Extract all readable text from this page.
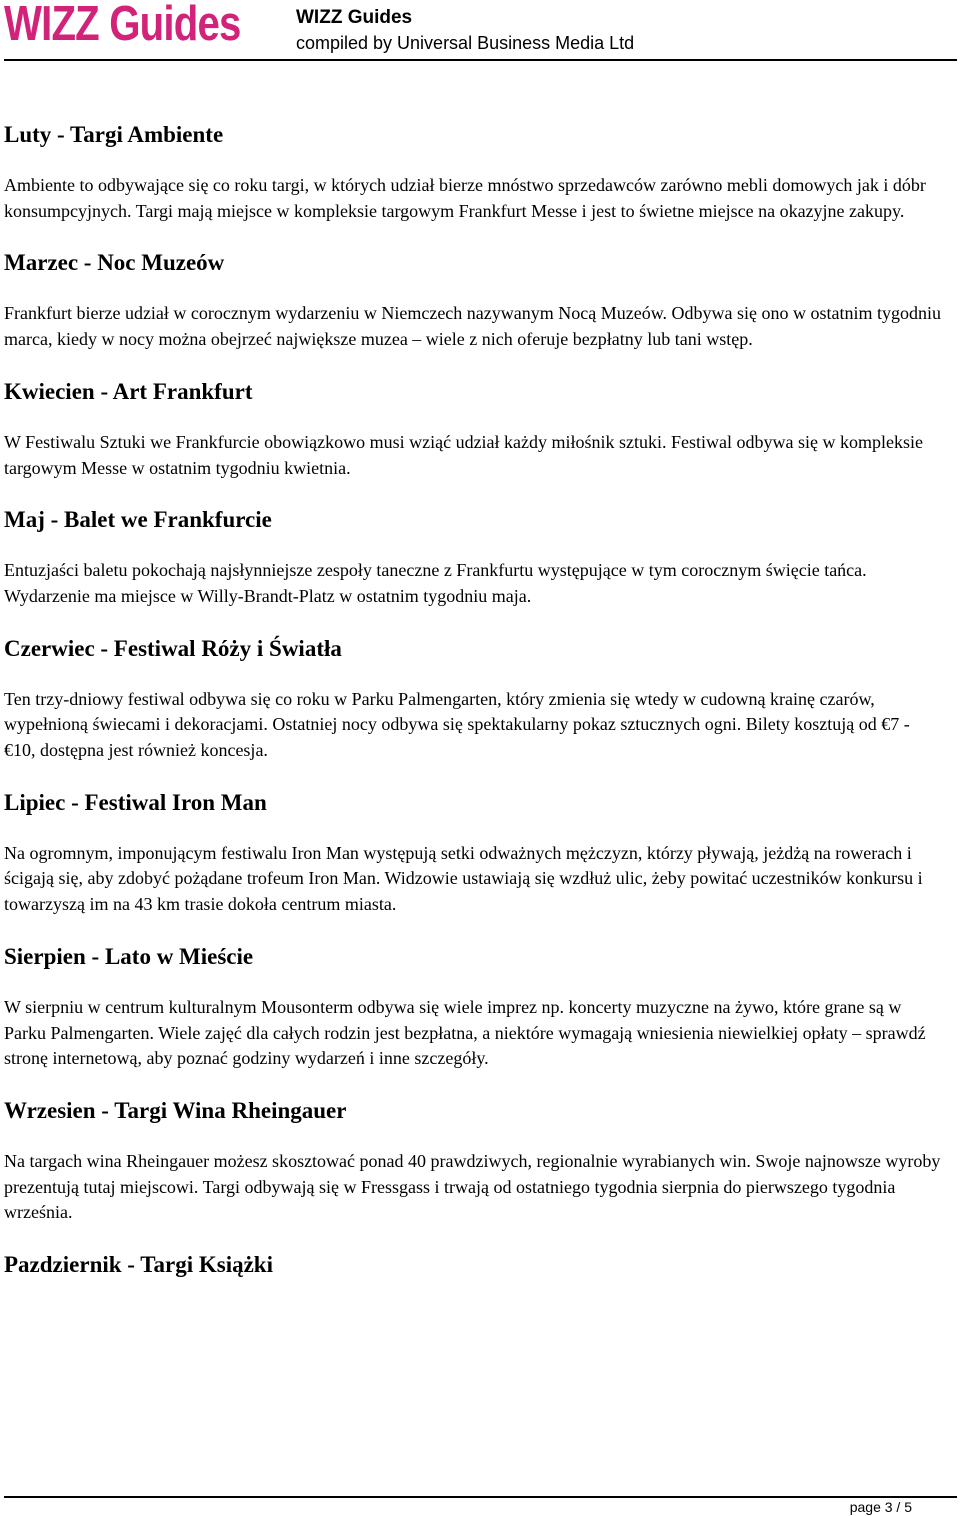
WIZZ Guides	WIZZ Guides
compiled by Universal Business Media Ltd
Luty - Targi Ambiente

Ambiente to odbywające się co roku targi, w których udział bierze mnóstwo sprzedawców zarówno mebli domowych jak i dóbr konsumpcyjnych. Targi mają miejsce w kompleksie targowym Frankfurt Messe i jest to świetne miejsce na okazyjne zakupy.

Marzec - Noc Muzeów

Frankfurt bierze udział w corocznym wydarzeniu w Niemczech nazywanym Nocą Muzeów. Odbywa się ono w ostatnim tygodniu marca, kiedy w nocy można obejrzeć największe muzea – wiele z nich oferuje bezpłatny lub tani wstęp.

Kwiecien - Art Frankfurt

W Festiwalu Sztuki we Frankfurcie obowiązkowo musi wziąć udział każdy miłośnik sztuki. Festiwal odbywa się w kompleksie targowym Messe w ostatnim tygodniu kwietnia.

Maj - Balet we Frankfurcie

Entuzjaści baletu pokochają najsłynniejsze zespoły taneczne z Frankfurtu występujące w tym corocznym święcie tańca. Wydarzenie ma miejsce w Willy-Brandt-Platz w ostatnim tygodniu maja.

Czerwiec - Festiwal Róży i Światła

Ten trzy-dniowy festiwal odbywa się co roku w Parku Palmengarten, który zmienia się wtedy w cudowną krainę czarów, wypełnioną świecami i dekoracjami. Ostatniej nocy odbywa się spektakularny pokaz sztucznych ogni. Bilety kosztują od €7 - €10, dostępna jest również koncesja.

Lipiec - Festiwal Iron Man

Na ogromnym, imponującym festiwalu Iron Man występują setki odważnych mężczyzn, którzy pływają, jeżdżą na rowerach i ścigają się, aby zdobyć pożądane trofeum Iron Man. Widzowie ustawiają się wzdłuż ulic, żeby powitać uczestników konkursu i towarzyszą im na 43 km trasie dokoła centrum miasta.

Sierpien - Lato w Mieście

W sierpniu w centrum kulturalnym Mousonterm odbywa się wiele imprez np. koncerty muzyczne na żywo, które grane są w Parku Palmengarten. Wiele zajęć dla całych rodzin jest bezpłatna, a niektóre wymagają wniesienia niewielkiej opłaty – sprawdź stronę internetową, aby poznać godziny wydarzeń i inne szczegóły.

Wrzesien - Targi Wina Rheingauer

Na targach wina Rheingauer możesz skosztować ponad 40 prawdziwych, regionalnie wyrabianych win. Swoje najnowsze wyroby prezentują tutaj miejscowi. Targi odbywają się w Fressgass i trwają od ostatniego tygodnia sierpnia do pierwszego tygodnia września.

Pazdziernik - Targi Książki
page 3 / 5
